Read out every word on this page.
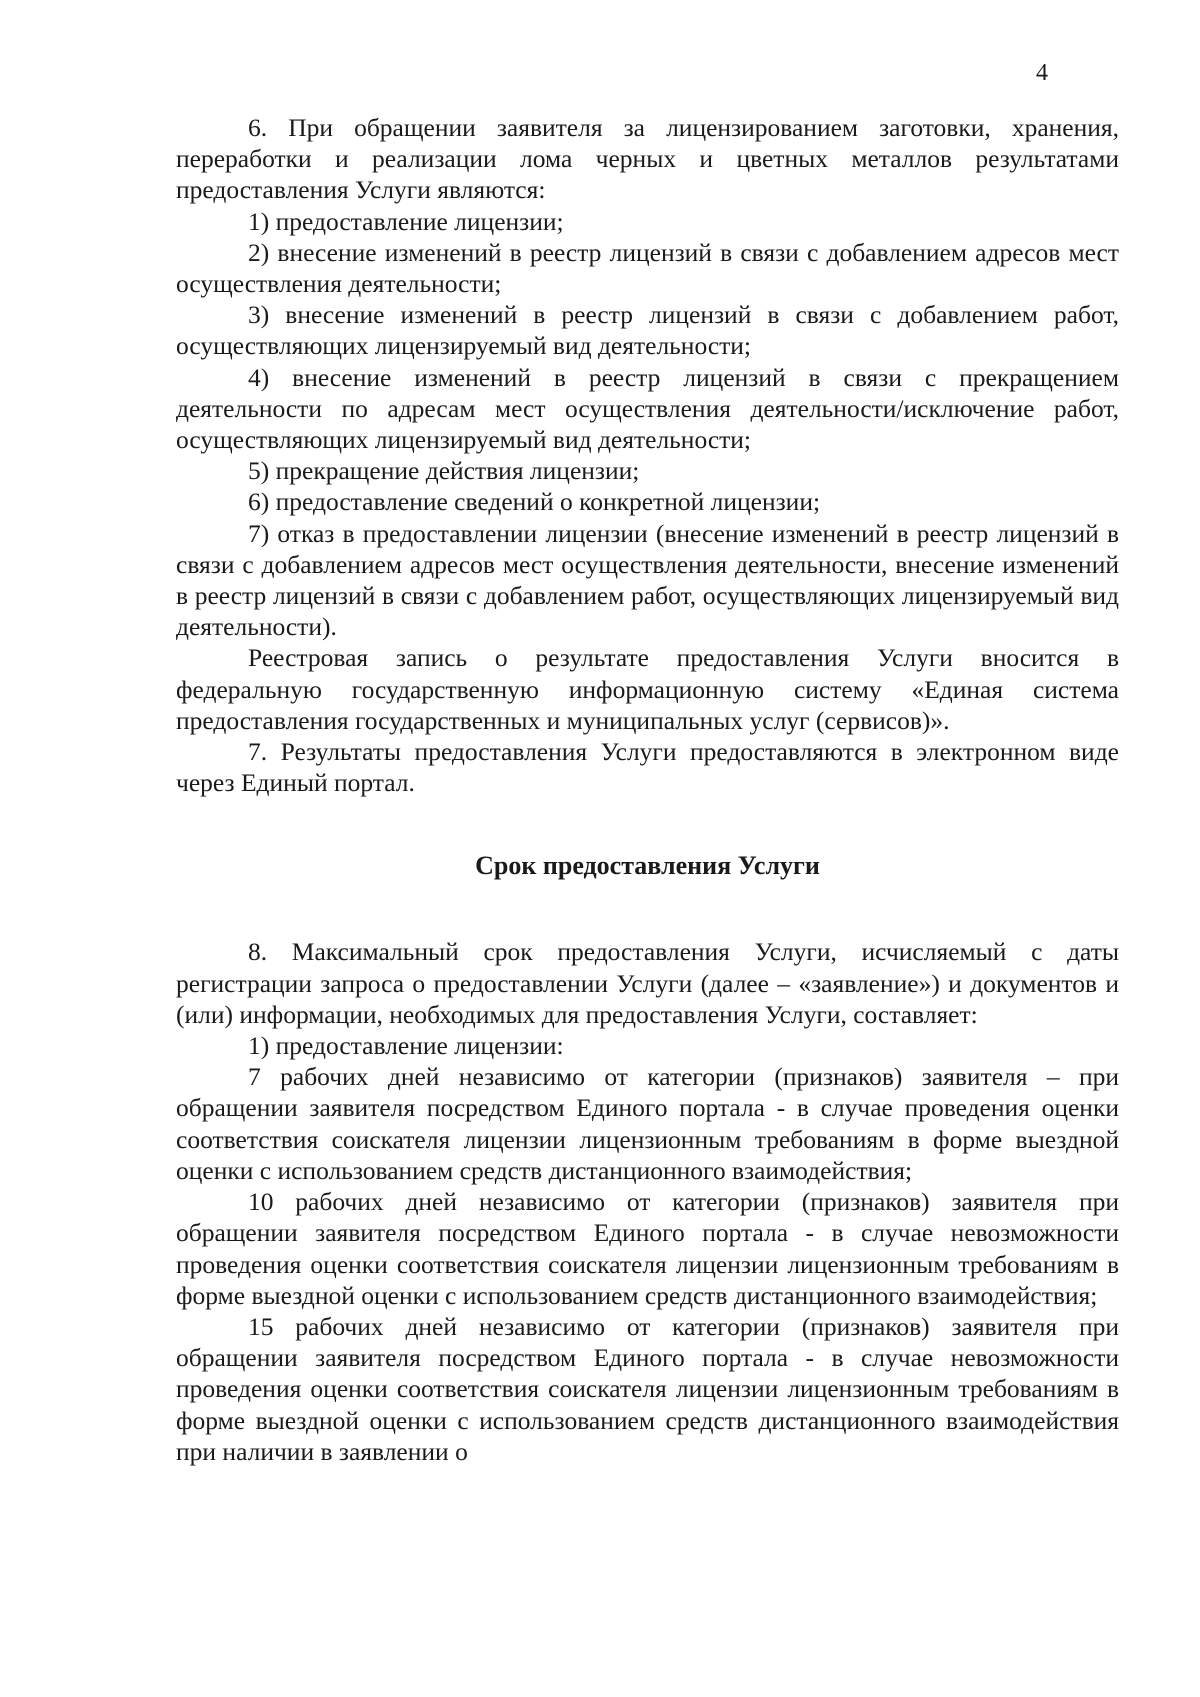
4

6. При обращении заявителя за лицензированием заготовки, хранения, переработки и реализации лома черных и цветных металлов результатами предоставления Услуги являются:

1) предоставление лицензии;

2) внесение изменений в реестр лицензий в связи с добавлением адресов мест осуществления деятельности;

3) внесение изменений в реестр лицензий в связи с добавлением работ, осуществляющих лицензируемый вид деятельности;

4) внесение изменений в реестр лицензий в связи с прекращением деятельности по адресам мест осуществления деятельности/исключение работ, осуществляющих лицензируемый вид деятельности;

5) прекращение действия лицензии;

6) предоставление сведений о конкретной лицензии;

7) отказ в предоставлении лицензии (внесение изменений в реестр лицензий в связи с добавлением адресов мест осуществления деятельности, внесение изменений в реестр лицензий в связи с добавлением работ, осуществляющих лицензируемый вид деятельности).

Реестровая запись о результате предоставления Услуги вносится в федеральную государственную информационную систему «Единая система предоставления государственных и муниципальных услуг (сервисов)».

7. Результаты предоставления Услуги предоставляются в электронном виде через Единый портал.

Срок предоставления Услуги

8. Максимальный срок предоставления Услуги, исчисляемый с даты регистрации запроса о предоставлении Услуги (далее – «заявление») и документов и (или) информации, необходимых для предоставления Услуги, составляет:

1) предоставление лицензии:

7 рабочих дней независимо от категории (признаков) заявителя – при обращении заявителя посредством Единого портала - в случае проведения оценки соответствия соискателя лицензии лицензионным требованиям в форме выездной оценки с использованием средств дистанционного взаимодействия;

10 рабочих дней независимо от категории (признаков) заявителя при обращении заявителя посредством Единого портала - в случае невозможности проведения оценки соответствия соискателя лицензии лицензионным требованиям в форме выездной оценки с использованием средств дистанционного взаимодействия;

15 рабочих дней независимо от категории (признаков) заявителя при обращении заявителя посредством Единого портала - в случае невозможности проведения оценки соответствия соискателя лицензии лицензионным требованиям в форме выездной оценки с использованием средств дистанционного взаимодействия при наличии в заявлении о
